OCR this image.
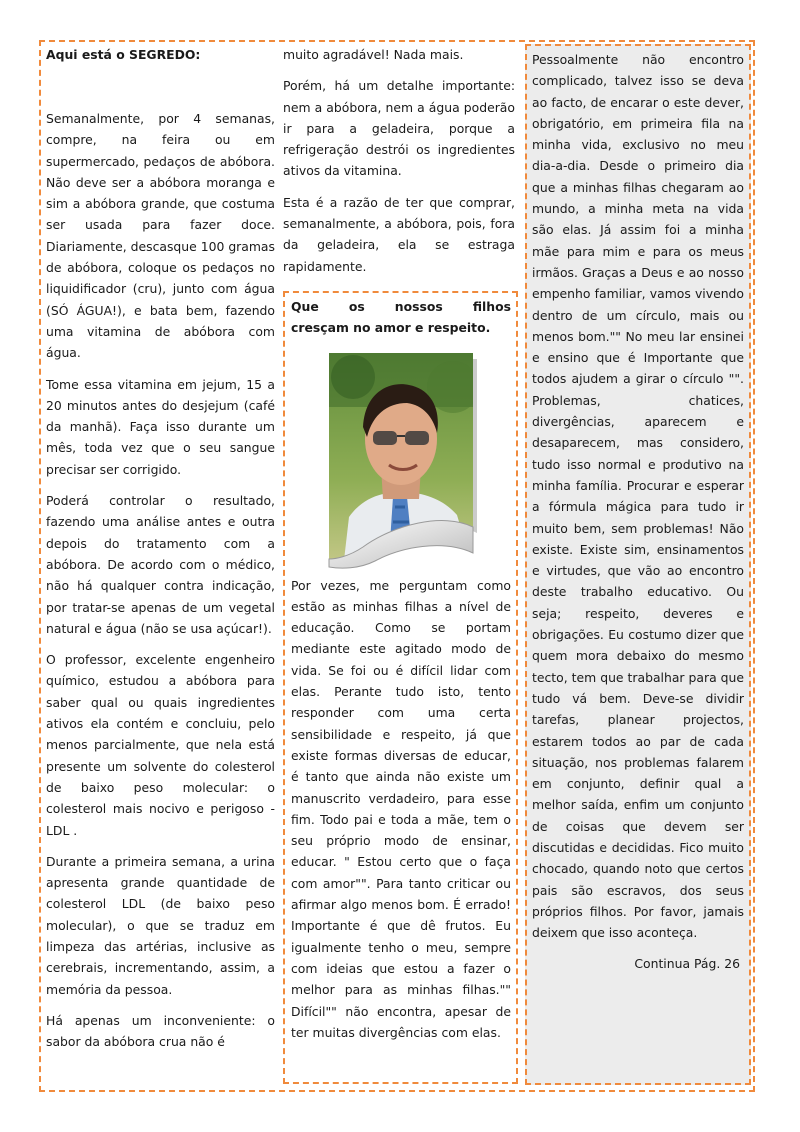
Aqui está o SEGREDO:

Semanalmente, por 4 semanas, compre, na feira ou em supermercado, pedaços de abóbora. Não deve ser a abóbora moranga e sim a abóbora grande, que costuma ser usada para fazer doce. Diariamente, descasque 100 gramas de abóbora, coloque os pedaços no liquidificador (cru), junto com água (SÓ ÁGUA!), e bata bem, fazendo uma vitamina de abóbora com água.

Tome essa vitamina em jejum, 15 a 20 minutos antes do desjejum (café da manhã). Faça isso durante um mês, toda vez que o seu sangue precisar ser corrigido.

Poderá controlar o resultado, fazendo uma análise antes e outra depois do tratamento com a abóbora. De acordo com o médico, não há qualquer contra indicação, por tratar-se apenas de um vegetal natural e água (não se usa açúcar!).

O professor, excelente engenheiro químico, estudou a abóbora para saber qual ou quais ingredientes ativos ela contém e concluiu, pelo menos parcialmente, que nela está presente um solvente do colesterol de baixo peso molecular: o colesterol mais nocivo e perigoso - LDL .

Durante a primeira semana, a urina apresenta grande quantidade de colesterol LDL (de baixo peso molecular), o que se traduz em limpeza das artérias, inclusive as cerebrais, incrementando, assim, a memória da pessoa.

Há apenas um inconveniente: o sabor da abóbora crua não é

muito agradável! Nada mais.

Porém, há um detalhe importante: nem a abóbora, nem a água poderão ir para a geladeira, porque a refrigeração destrói os ingredientes ativos da vitamina.

Esta é a razão de ter que comprar, semanalmente, a abóbora, pois, fora da geladeira, ela se estraga rapidamente.

Que os nossos filhos
cresçam no amor e respeito.

Por vezes, me perguntam como estão as minhas filhas a nível de educação. Como se portam mediante este agitado modo de vida. Se foi ou é difícil lidar com elas. Perante tudo isto, tento responder com uma certa sensibilidade e respeito, já que existe formas diversas de educar, é tanto que ainda não existe um manuscrito verdadeiro, para esse fim. Todo pai e toda a mãe, tem o seu próprio modo de ensinar, educar. " Estou certo que o faça com amor"". Para tanto criticar ou afirmar algo menos bom. É errado! Importante é que dê frutos. Eu igualmente tenho o meu, sempre com ideias que estou a fazer o melhor para as minhas filhas."" Difícil"" não encontra, apesar de ter muitas divergências com elas.

Pessoalmente não encontro complicado, talvez isso se deva ao facto, de encarar o este dever, obrigatório, em primeira fila na minha vida, exclusivo no meu dia-a-dia. Desde o primeiro dia que a minhas filhas chegaram ao mundo, a minha meta na vida são elas. Já assim foi a minha mãe para mim e para os meus irmãos. Graças a Deus e ao nosso empenho familiar, vamos vivendo dentro de um círculo, mais ou menos bom."" No meu lar ensinei e ensino que é Importante que todos ajudem a girar o círculo "". Problemas, chatices, divergências, aparecem e desaparecem, mas considero, tudo isso normal e produtivo na minha família. Procurar e esperar a fórmula mágica para tudo ir muito bem, sem problemas! Não existe. Existe sim, ensinamentos e virtudes, que vão ao encontro deste trabalho educativo. Ou seja; respeito, deveres e obrigações. Eu costumo dizer que quem mora debaixo do mesmo tecto, tem que trabalhar para que tudo vá bem. Deve-se dividir tarefas, planear projectos, estarem todos ao par de cada situação, nos problemas falarem em conjunto, definir qual a melhor saída, enfim um conjunto de coisas que devem ser discutidas e decididas. Fico muito chocado, quando noto que certos pais são escravos, dos seus próprios filhos. Por favor, jamais deixem que isso aconteça.

Continua Pág. 26
